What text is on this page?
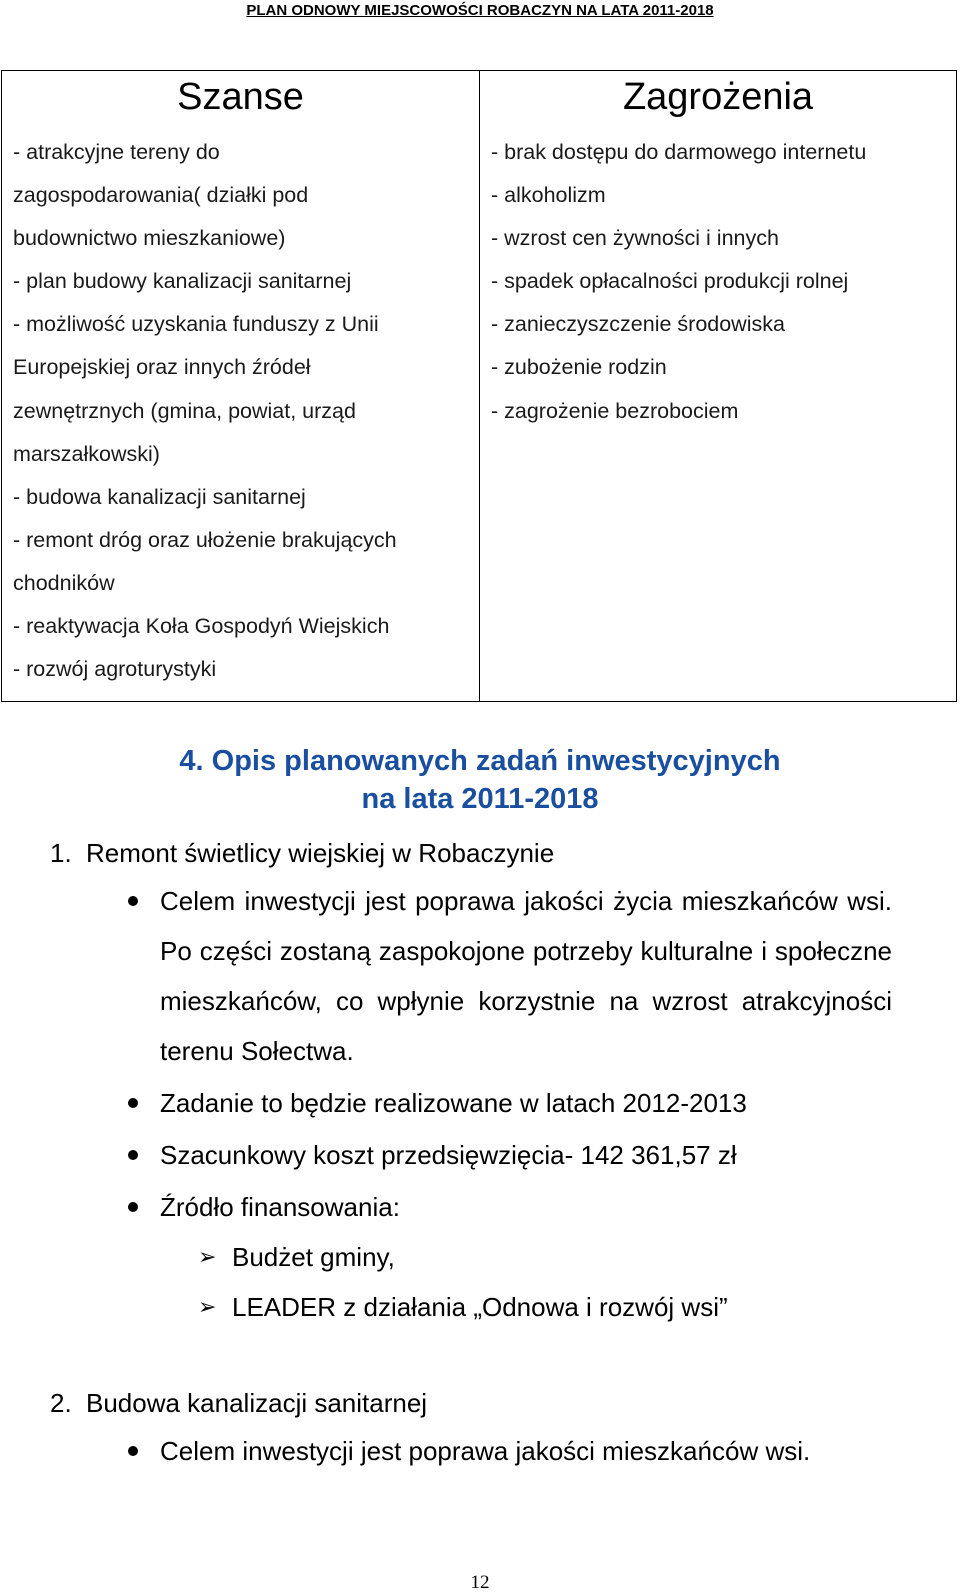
PLAN ODNOWY MIEJSCOWOŚCI ROBACZYN NA LATA 2011-2018
Szanse
- atrakcyjne tereny do
zagospodarowania( działki pod
budownictwo mieszkaniowe)
- plan budowy kanalizacji sanitarnej
- możliwość uzyskania funduszy z Unii
Europejskiej oraz innych źródeł
zewnętrznych (gmina, powiat, urząd
marszałkowski)
- budowa kanalizacji sanitarnej
- remont dróg oraz ułożenie brakujących
chodników
- reaktywacja Koła Gospodyń Wiejskich
- rozwój agroturystyki
Zagrożenia
- brak dostępu do darmowego internetu
- alkoholizm
- wzrost cen żywności i innych
- spadek opłacalności produkcji rolnej
- zanieczyszczenie środowiska
- zubożenie rodzin
- zagrożenie bezrobociem
4. Opis planowanych zadań inwestycyjnych
na lata 2011-2018

1. Remont świetlicy wiejskiej w Robaczynie

Celem inwestycji jest poprawa jakości życia mieszkańców wsi. Po części zostaną zaspokojone potrzeby kulturalne i społeczne mieszkańców, co wpłynie korzystnie na wzrost atrakcyjności terenu Sołectwa.
Zadanie to będzie realizowane w latach 2012-2013
Szacunkowy koszt przedsięwzięcia- 142 361,57 zł
Źródło finansowania:
➢ Budżet gminy,
➢ LEADER z działania „Odnowa i rozwój wsi”

2. Budowa kanalizacji sanitarnej

Celem inwestycji jest poprawa jakości mieszkańców wsi.
12
